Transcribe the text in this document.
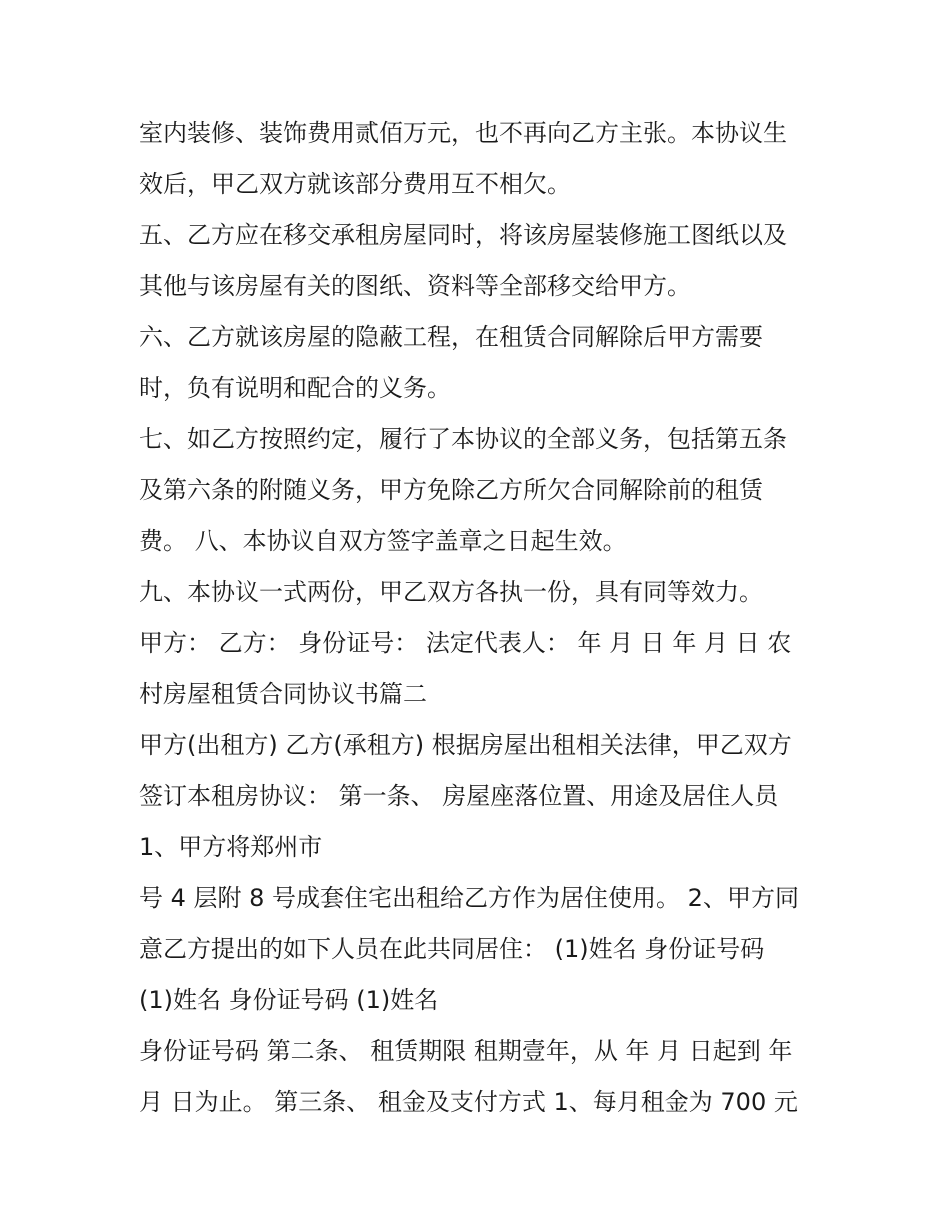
室内装修、装饰费用贰佰万元，也不再向乙方主张。本协议生
效后，甲乙双方就该部分费用互不相欠。
五、乙方应在移交承租房屋同时，将该房屋装修施工图纸以及
其他与该房屋有关的图纸、资料等全部移交给甲方。
六、乙方就该房屋的隐蔽工程，在租赁合同解除后甲方需要
时，负有说明和配合的义务。
七、如乙方按照约定，履行了本协议的全部义务，包括第五条
及第六条的附随义务，甲方免除乙方所欠合同解除前的租赁
费。 八、本协议自双方签字盖章之日起生效。
九、本协议一式两份，甲乙双方各执一份，具有同等效力。
甲方： 乙方： 身份证号： 法定代表人： 年 月 日 年 月 日 农
村房屋租赁合同协议书篇二
甲方(出租方) 乙方(承租方) 根据房屋出租相关法律，甲乙双方
签订本租房协议： 第一条、 房屋座落位置、用途及居住人员
1、甲方将郑州市
号 4 层附 8 号成套住宅出租给乙方作为居住使用。 2、甲方同
意乙方提出的如下人员在此共同居住： (1)姓名 身份证号码
(1)姓名 身份证号码 (1)姓名
身份证号码 第二条、 租赁期限 租期壹年，从 年 月 日起到 年
月 日为止。 第三条、 租金及支付方式 1、每月租金为 700 元
